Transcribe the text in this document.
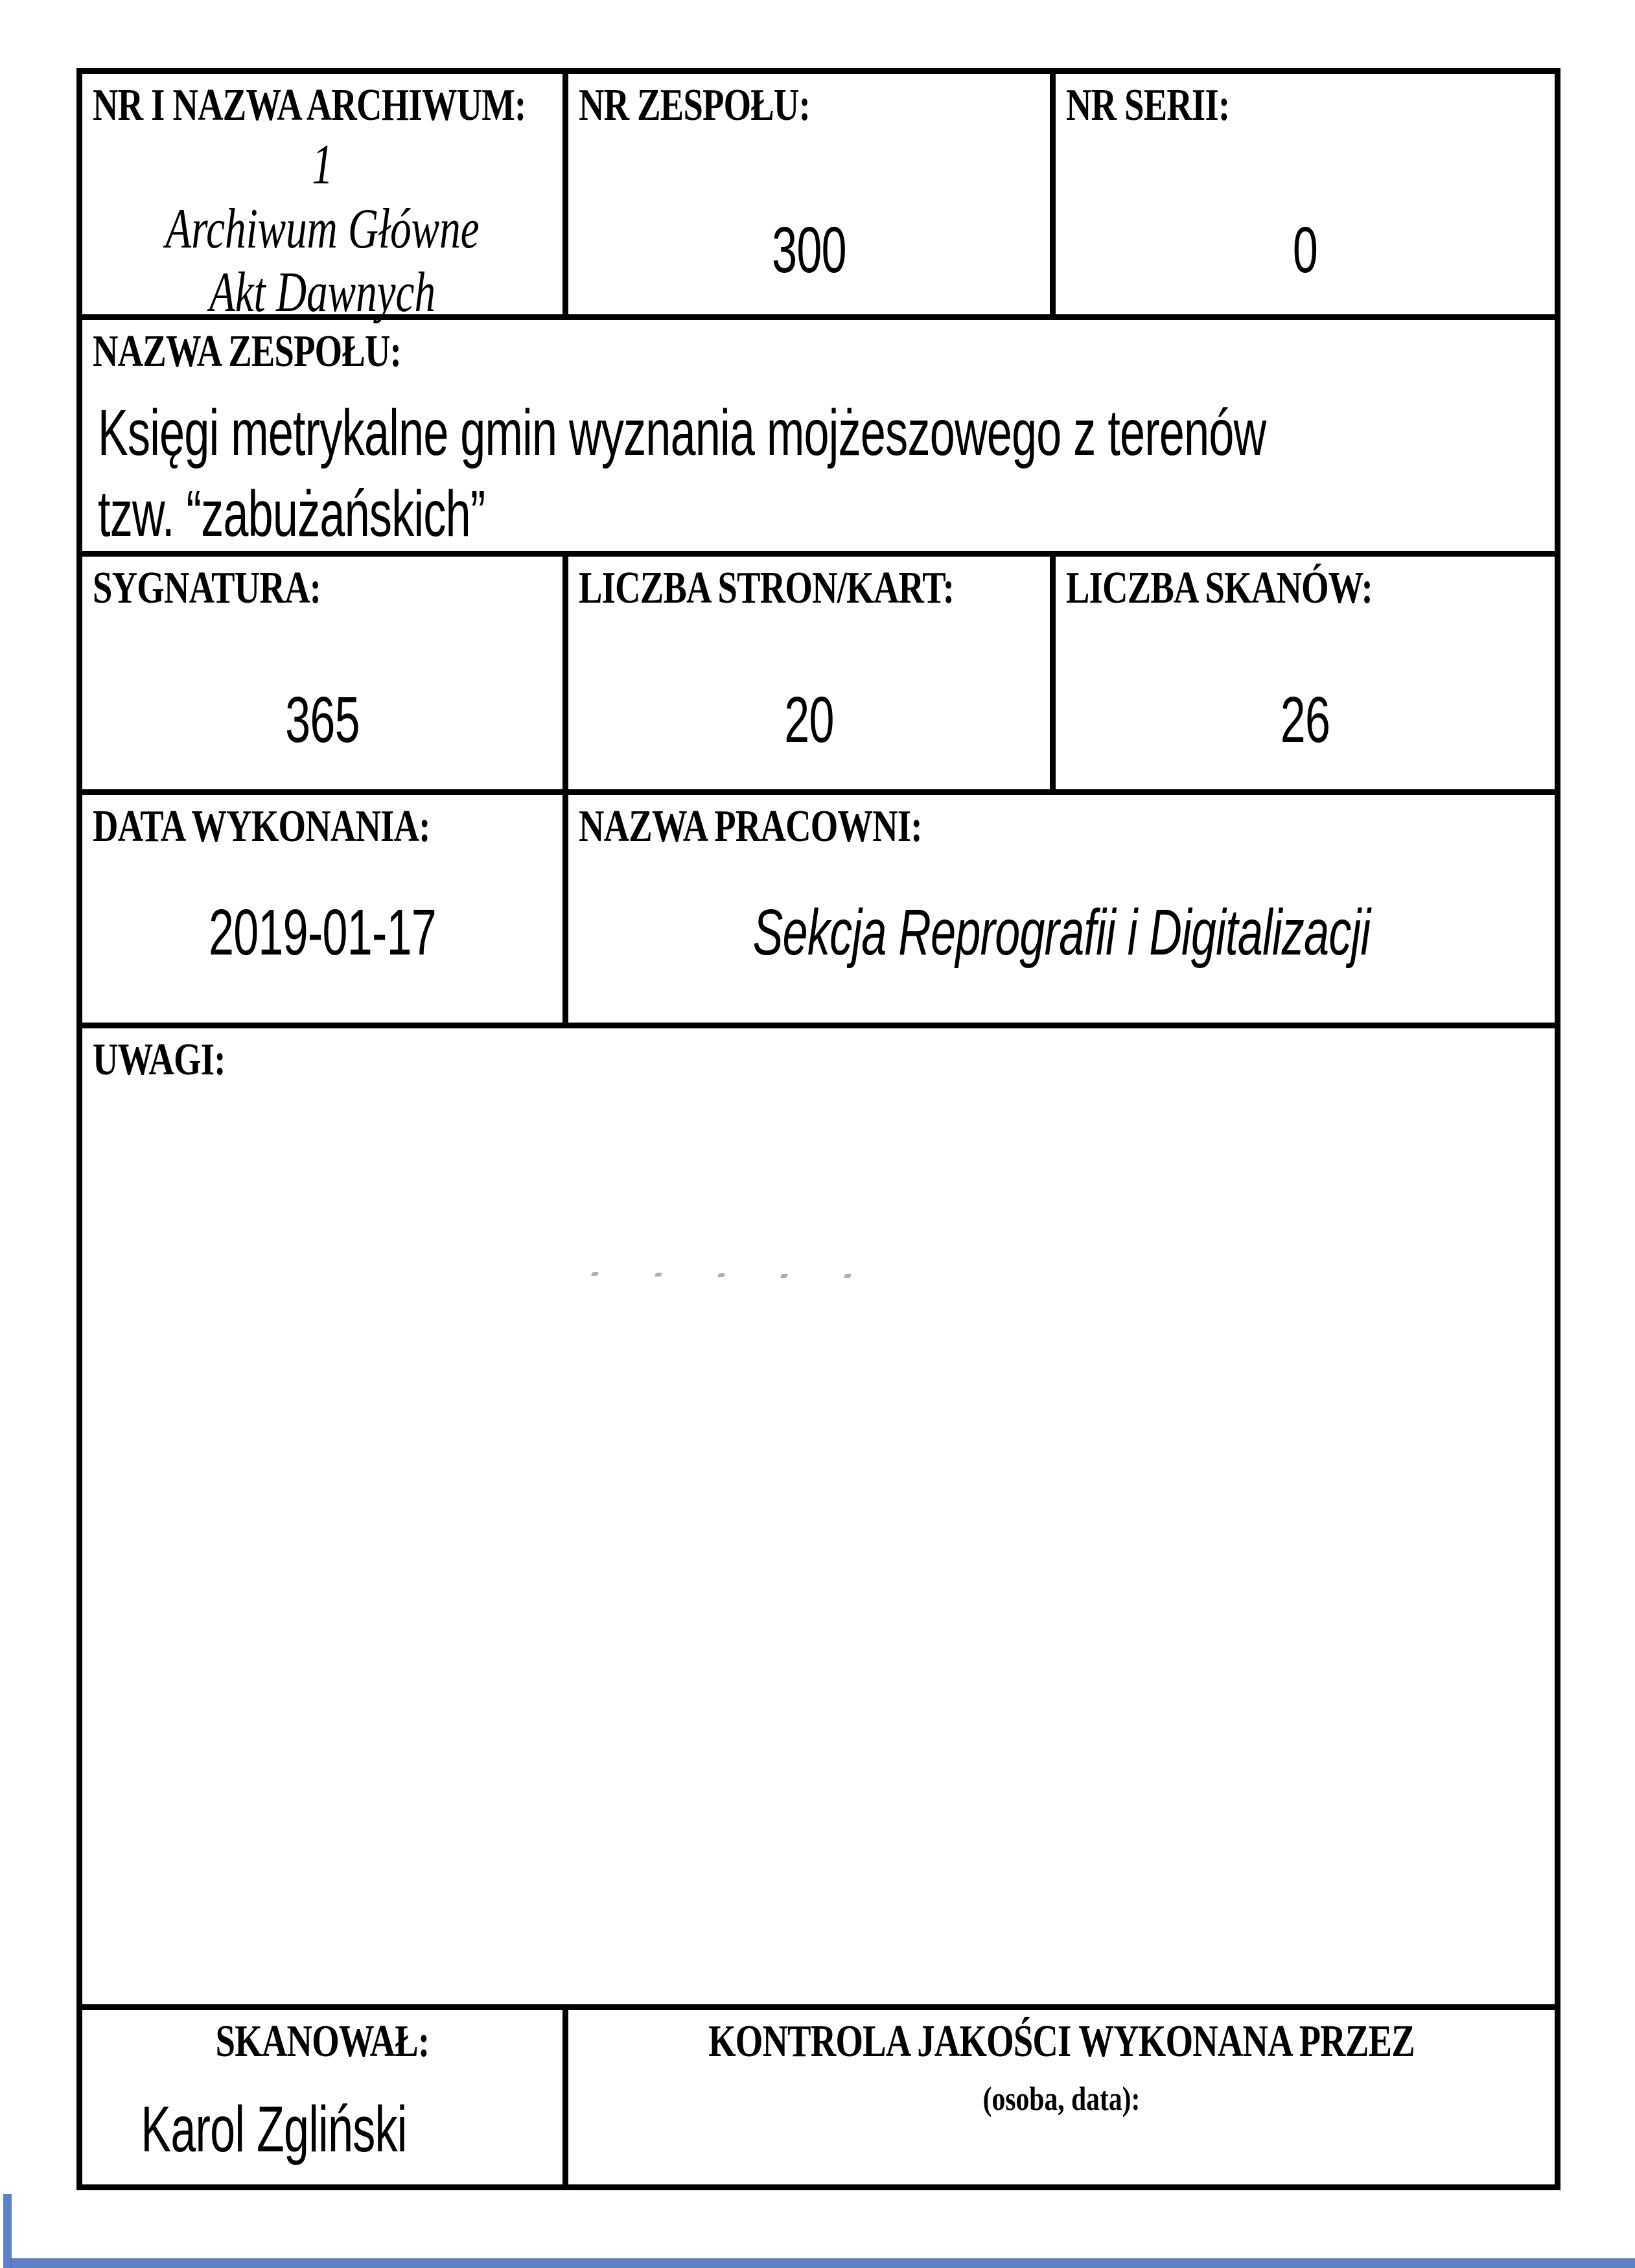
NR I NAZWA ARCHIWUM:
1
Archiwum Główne
Akt Dawnych
NR ZESPOŁU:
300
NR SERII:
0
NAZWA ZESPOŁU:
Księgi metrykalne gmin wyznania mojżeszowego z terenów
tzw. “zabużańskich”
SYGNATURA:
365
LICZBA STRON/KART:
20
LICZBA SKANÓW:
26
DATA WYKONANIA:
2019-01-17
NAZWA PRACOWNI:
Sekcja Reprografii i Digitalizacji
UWAGI:
SKANOWAŁ:
Karol Zgliński
KONTROLA JAKOŚCI WYKONANA PRZEZ
(osoba, data):
